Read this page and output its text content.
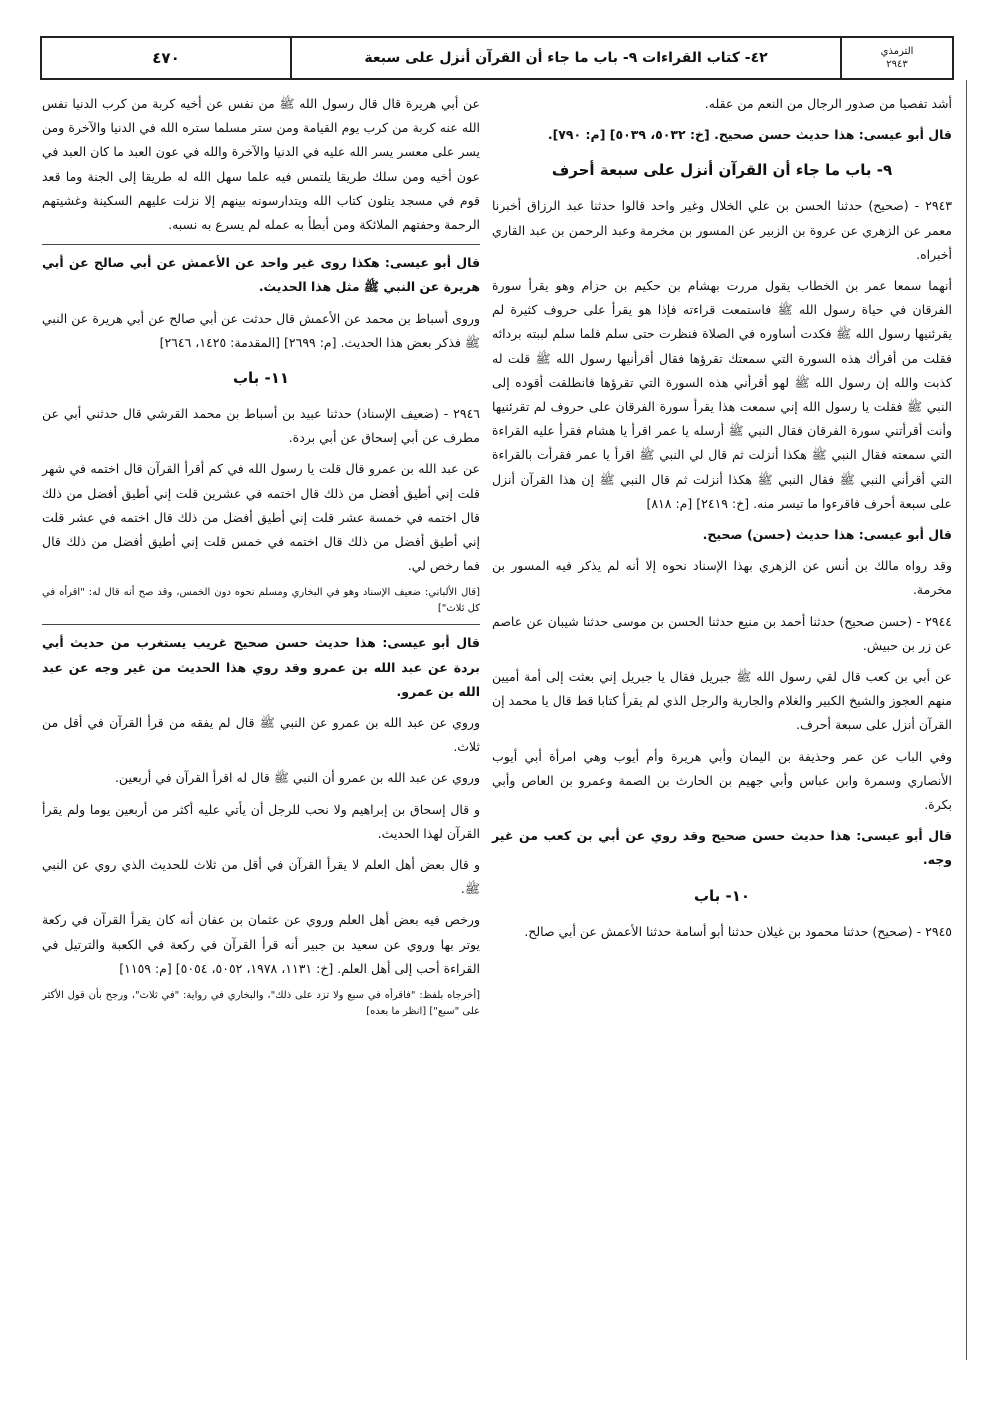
٤٧٠	٤٢- كتاب القراءات ٩- باب ما جاء أن القرآن أنزل على سبعة	الترمذي
٢٩٤٣

أشد تفصيا من صدور الرجال من النعم من عقله.

قال أبو عيسى: هذا حديث حسن صحيح. [خ: ٥٠٣٢، ٥٠٣٩] [م: ٧٩٠].

٩- باب ما جاء أن القرآن أنزل على سبعة أحرف

٢٩٤٣ - (صحيح) حدثنا الحسن بن علي الخلال وغير واحد قالوا حدثنا عبد الرزاق أخبرنا معمر عن الزهري عن عروة بن الزبير عن المسور بن مخرمة وعبد الرحمن بن عبد القاري أخبراه.

أنهما سمعا عمر بن الخطاب يقول مررت بهشام بن حكيم بن حزام وهو يقرأ سورة الفرقان في حياة رسول الله ﷺ فاستمعت قراءته فإذا هو يقرأ على حروف كثيرة لم يقرئنيها رسول الله ﷺ فكدت أساوره في الصلاة فنظرت حتى سلم فلما سلم لببته بردائه فقلت من أقرأك هذه السورة التي سمعتك تقرؤها فقال أقرأنيها رسول الله ﷺ قلت له كذبت والله إن رسول الله ﷺ لهو أقرأني هذه السورة التي تقرؤها فانطلقت أقوده إلى النبي ﷺ فقلت يا رسول الله إني سمعت هذا يقرأ سورة الفرقان على حروف لم تقرئنيها وأنت أقرأتني سورة الفرقان فقال النبي ﷺ أرسله يا عمر اقرأ يا هشام فقرأ عليه القراءة التي سمعته فقال النبي ﷺ هكذا أنزلت ثم قال لي النبي ﷺ اقرأ يا عمر فقرأت بالقراءة التي أقرأني النبي ﷺ فقال النبي ﷺ هكذا أنزلت ثم قال النبي ﷺ إن هذا القرآن أنزل على سبعة أحرف فاقرءوا ما تيسر منه. [خ: ٢٤١٩] [م: ٨١٨]

قال أبو عيسى: هذا حديث (حسن) صحيح.

وقد رواه مالك بن أنس عن الزهري بهذا الإسناد نحوه إلا أنه لم يذكر فيه المسور بن مخرمة.

٢٩٤٤ - (حسن صحيح) حدثنا أحمد بن منيع حدثنا الحسن بن موسى حدثنا شيبان عن عاصم عن زر بن حبيش.

عن أبي بن كعب قال لقي رسول الله ﷺ جبريل فقال يا جبريل إني بعثت إلى أمة أميين منهم العجوز والشيخ الكبير والغلام والجارية والرجل الذي لم يقرأ كتابا قط قال يا محمد إن القرآن أنزل على سبعة أحرف.

وفي الباب عن عمر وحذيفة بن اليمان وأبي هريرة وأم أيوب وهي امرأة أبي أيوب الأنصاري وسمرة وابن عباس وأبي جهيم بن الحارث بن الصمة وعمرو بن العاص وأبي بكرة.

قال أبو عيسى: هذا حديث حسن صحيح وقد روي عن أبي بن كعب من غير وجه.

١٠- باب

٢٩٤٥ - (صحيح) حدثنا محمود بن غيلان حدثنا أبو أسامة حدثنا الأعمش عن أبي صالح.

عن أبي هريرة قال قال رسول الله ﷺ من نفس عن أخيه كربة من كرب الدنيا نفس الله عنه كربة من كرب يوم القيامة ومن ستر مسلما ستره الله في الدنيا والآخرة ومن يسر على معسر يسر الله عليه في الدنيا والآخرة والله في عون العبد ما كان العبد في عون أخيه ومن سلك طريقا يلتمس فيه علما سهل الله له طريقا إلى الجنة وما قعد قوم في مسجد يتلون كتاب الله ويتدارسونه بينهم إلا نزلت عليهم السكينة وغشيتهم الرحمة وحفتهم الملائكة ومن أبطأ به عمله لم يسرع به نسبه.

قال أبو عيسى: هكذا روى غير واحد عن الأعمش عن أبي صالح عن أبي هريرة عن النبي ﷺ مثل هذا الحديث.

وروى أسباط بن محمد عن الأعمش قال حدثت عن أبي صالح عن أبي هريرة عن النبي ﷺ فذكر بعض هذا الحديث. [م: ٢٦٩٩] [المقدمة: ١٤٢٥، ٢٦٤٦]

١١- باب

٢٩٤٦ - (ضعيف الإسناد) حدثنا عبيد بن أسباط بن محمد القرشي قال حدثني أبي عن مطرف عن أبي إسحاق عن أبي بردة.

عن عبد الله بن عمرو قال قلت يا رسول الله في كم أقرأ القرآن قال اختمه في شهر قلت إني أطيق أفضل من ذلك قال اختمه في عشرين قلت إني أطيق أفضل من ذلك قال اختمه في خمسة عشر قلت إني أطيق أفضل من ذلك قال اختمه في عشر قلت إني أطيق أفضل من ذلك قال اختمه في خمس قلت إني أطيق أفضل من ذلك قال فما رخص لي.

[قال الألباني: ضعيف الإسناد وهو في البخاري ومسلم نحوه دون الخمس، وقد صح أنه قال له: "اقرأه في كل ثلاث"]

قال أبو عيسى: هذا حديث حسن صحيح غريب يستغرب من حديث أبي بردة عن عبد الله بن عمرو وقد روي هذا الحديث من غير وجه عن عبد الله بن عمرو.

وروي عن عبد الله بن عمرو عن النبي ﷺ قال لم يفقه من قرأ القرآن في أقل من ثلاث.

وروي عن عبد الله بن عمرو أن النبي ﷺ قال له اقرأ القرآن في أربعين.

و قال إسحاق بن إبراهيم ولا نحب للرجل أن يأتي عليه أكثر من أربعين يوما ولم يقرأ القرآن لهذا الحديث.

و قال بعض أهل العلم لا يقرأ القرآن في أقل من ثلاث للحديث الذي روي عن النبي ﷺ.

ورخص فيه بعض أهل العلم وروي عن عثمان بن عفان أنه كان يقرأ القرآن في ركعة يوتر بها وروي عن سعيد بن جبير أنه قرأ القرآن في ركعة في الكعبة والترتيل في القراءة أحب إلى أهل العلم. [خ: ١١٣١، ١٩٧٨، ٥٠٥٢، ٥٠٥٤] [م: ١١٥٩]

[أخرجاه بلفظ: "فاقرأه في سبع ولا تزد على ذلك"، والبخاري في رواية: "في ثلاث"، ورجح بأن قول الأكثر على "سبع"] [انظر ما بعده]
